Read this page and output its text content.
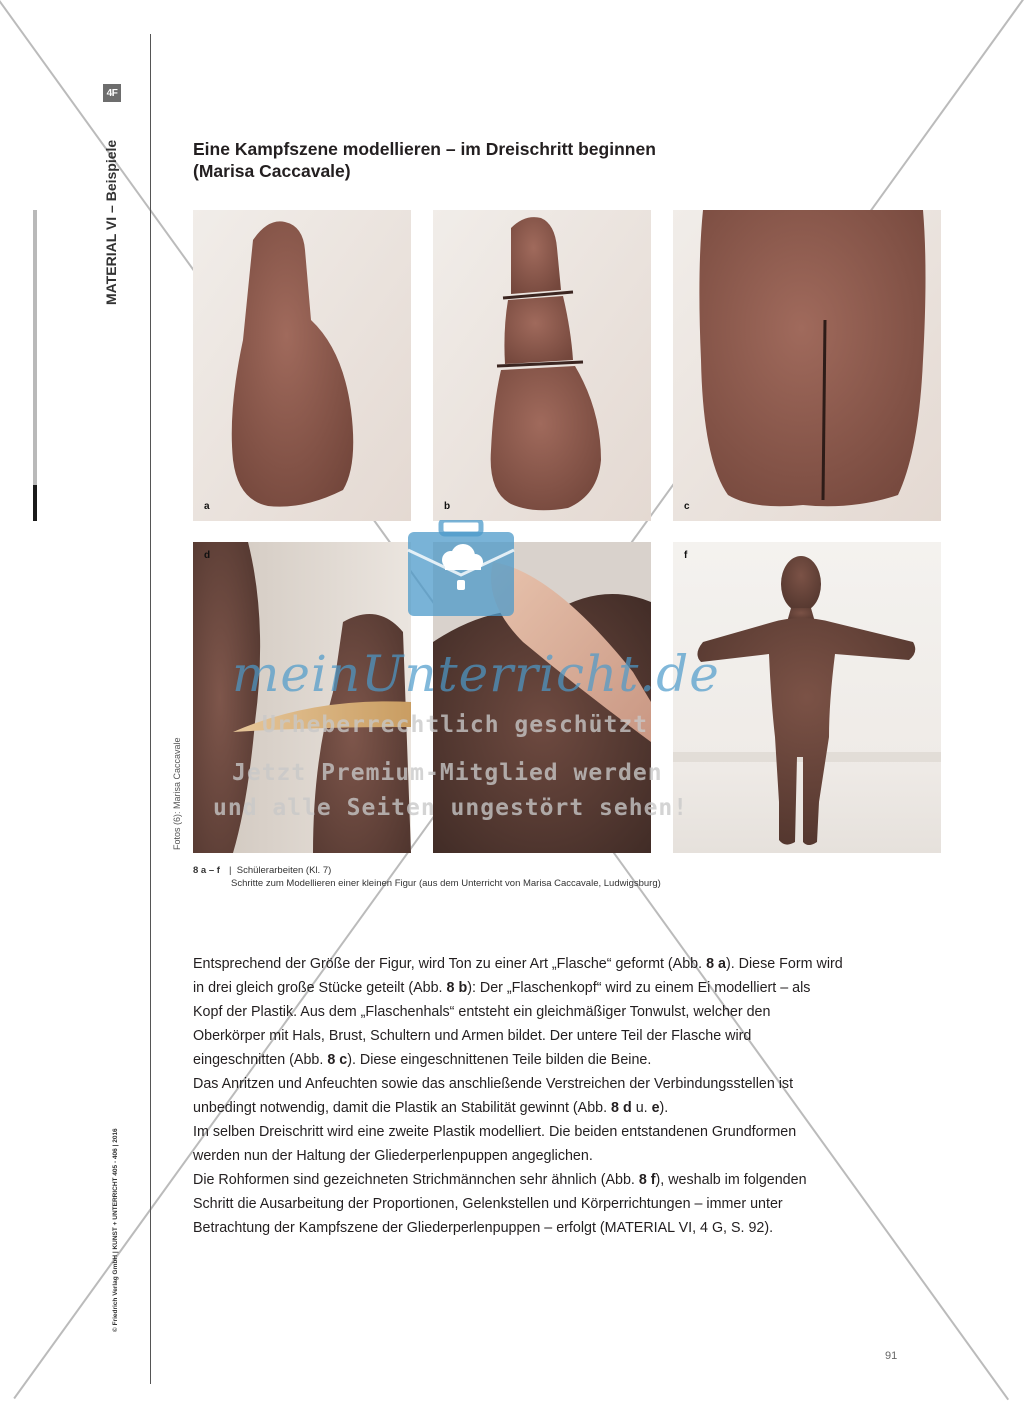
4F
MATERIAL VI – Beispiele
Fotos (6): Marisa Caccavale
© Friedrich Verlag GmbH | KUNST + UNTERRICHT 405 - 406 | 2016
Eine Kampfszene modellieren – im Dreischritt beginnen
(Marisa Caccavale)
a	b	c
d	f
meinUnterricht.de
Urheberrechtlich geschützt
Jetzt Premium-Mitglied werden
und alle Seiten ungestört sehen!
8 a – f |  Schülerarbeiten (Kl. 7)
Schritte zum Modellieren einer kleinen Figur (aus dem Unterricht von Marisa Caccavale, Ludwigsburg)

Entsprechend der Größe der Figur, wird Ton zu einer Art „Flasche“ geformt (Abb. 8 a). Diese Form wird in drei gleich große Stücke geteilt (Abb. 8 b): Der „Flaschenkopf“ wird zu einem Ei modelliert – als Kopf der Plastik. Aus dem „Flaschenhals“ entsteht ein gleichmäßiger Tonwulst, welcher den Oberkörper mit Hals, Brust, Schultern und Armen bildet. Der untere Teil der Flasche wird eingeschnitten (Abb. 8 c). Diese eingeschnittenen Teile bilden die Beine.

Das Anritzen und Anfeuchten sowie das anschließende Verstreichen der Verbindungsstellen ist unbedingt notwendig, damit die Plastik an Stabilität gewinnt (Abb. 8 d u. e).

Im selben Dreischritt wird eine zweite Plastik modelliert. Die beiden entstandenen Grundformen werden nun der Haltung der Gliederperlenpuppen angeglichen.

Die Rohformen sind gezeichneten Strichmännchen sehr ähnlich (Abb. 8 f), weshalb im folgenden Schritt die Ausarbeitung der Proportionen, Gelenkstellen und Körperrichtungen – immer unter Betrachtung der Kampfszene der Gliederperlenpuppen – erfolgt (MATERIAL VI, 4 G, S. 92).

91
